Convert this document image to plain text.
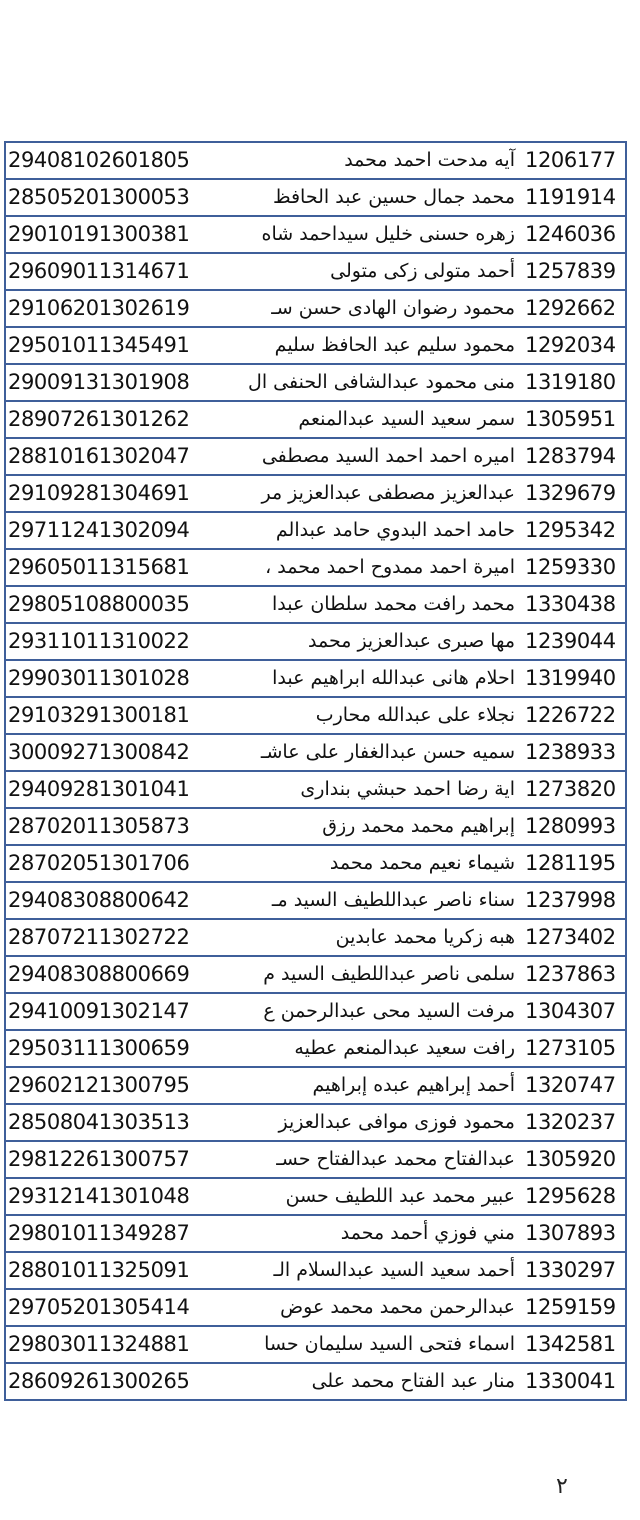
29408102601805	آيه مدحت احمد محمد 1206177
28505201300053	محمد جمال حسين عبد الحافظ 1191914
29010191300381	زهره حسنى خليل سيداحمد شاه 1246036
29609011314671	أحمد متولى زكى متولى 1257839
29106201302619	محمود رضوان الهادى حسن سـ 1292662
29501011345491	محمود سليم عبد الحافظ سليم 1292034
29009131301908	منى محمود عبدالشافى الحنفى ال 1319180
28907261301262	سمر سعيد السيد عبدالمنعم 1305951
28810161302047	اميره احمد احمد السيد مصطفى 1283794
29109281304691	عبدالعزيز مصطفى عبدالعزيز مر 1329679
29711241302094	حامد احمد البدوي حامد عبدالم 1295342
29605011315681	اميرة احمد ممدوح احمد محمد ، 1259330
29805108800035	محمد رافت محمد سلطان عبدا 1330438
29311011310022	مها صبرى عبدالعزيز محمد 1239044
29903011301028	احلام هانى عبدالله ابراهيم عبدا 1319940
29103291300181	نجلاء على عبدالله محارب 1226722
30009271300842	سميه حسن عبدالغفار على عاشـ 1238933
29409281301041	اية رضا احمد حبشي بندارى 1273820
28702011305873	إبراهيم محمد محمد رزق 1280993
28702051301706	شيماء نعيم محمد محمد 1281195
29408308800642	سناء ناصر عبداللطيف السيد مـ 1237998
28707211302722	هبه زكريا محمد عابدين 1273402
29408308800669	سلمى ناصر عبداللطيف السيد م 1237863
29410091302147	مرفت السيد محى عبدالرحمن ع 1304307
29503111300659	رافت سعيد عبدالمنعم عطيه 1273105
29602121300795	أحمد إبراهيم عبده إبراهيم 1320747
28508041303513	محمود فوزى موافى عبدالعزيز 1320237
29812261300757	عبدالفتاح محمد عبدالفتاح حسـ 1305920
29312141301048	عبير محمد عبد اللطيف حسن 1295628
29801011349287	مني فوزي أحمد محمد 1307893
28801011325091	أحمد سعيد السيد عبدالسلام الـ 1330297
29705201305414	عبدالرحمن محمد محمد عوض 1259159
29803011324881	اسماء فتحى السيد سليمان حسا 1342581
28609261300265	منار عبد الفتاح محمد على 1330041
٢
